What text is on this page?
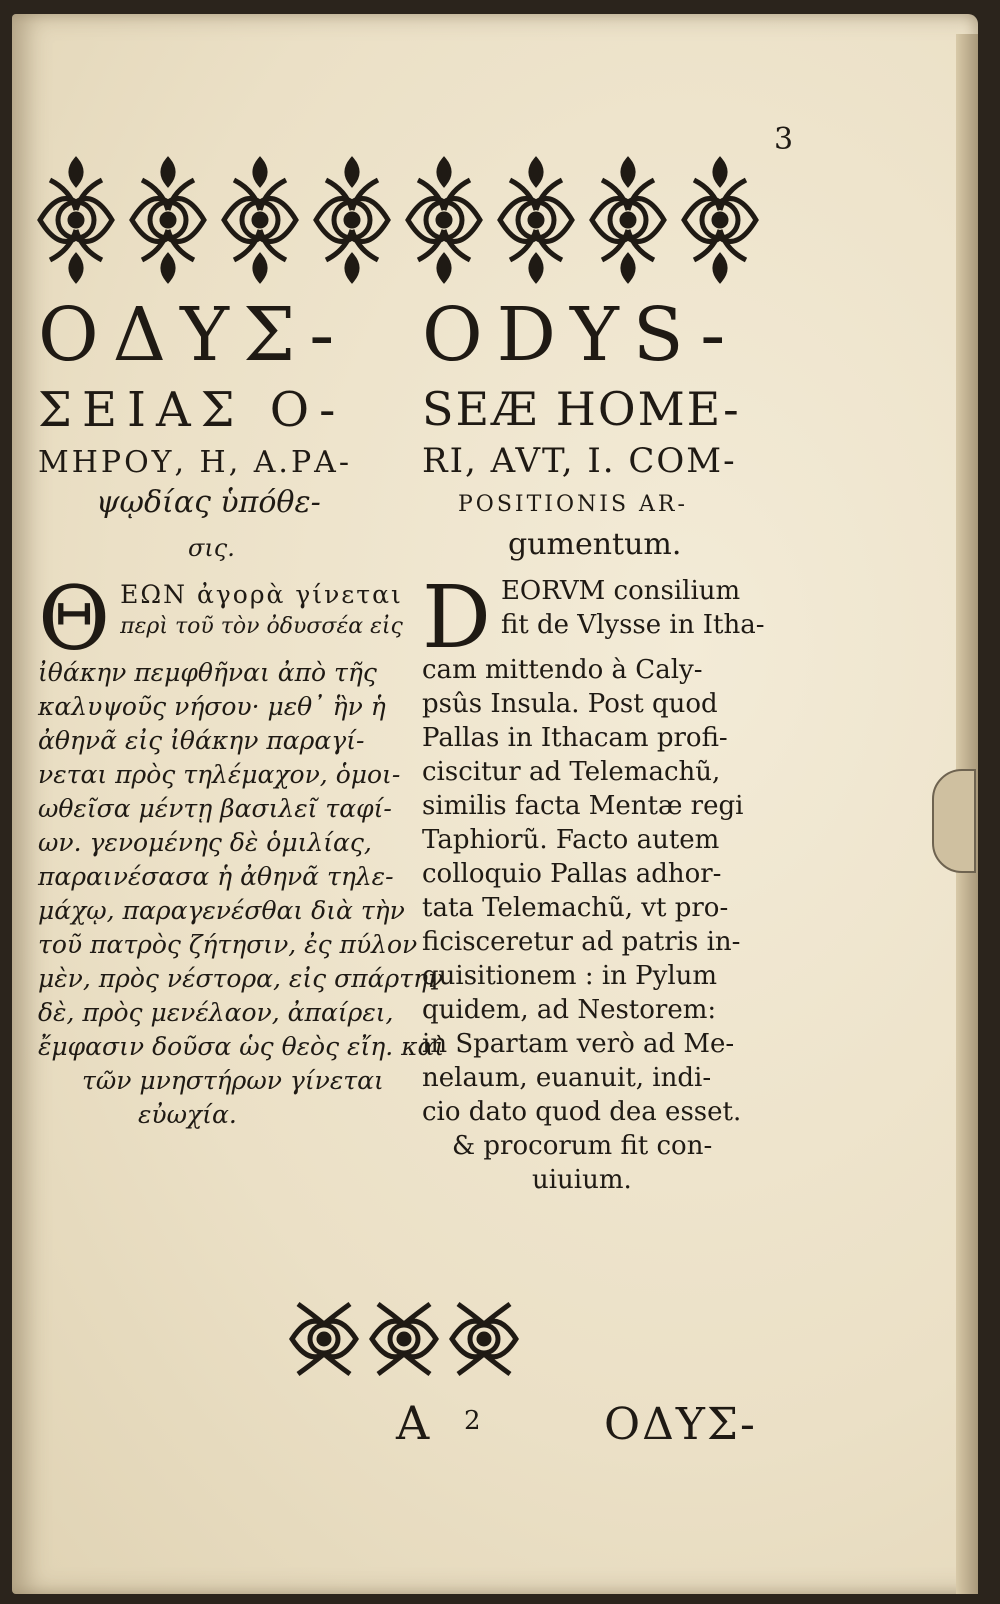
3
ΟΔΥΣ-
ΣΕΙΑΣ Ο-
ΜΗΡΟΥ, Η, Α.ΡΑ-
ψῳδίας ὑπόθε-
σις.
Θ ΕΩΝ ἀγορὰ γίνεται
περὶ τοῦ τὸν ὀδυσσέα εἰς
ἰθάκην πεμφθῆναι ἀπὸ τῆς
καλυψοῦς νήσου· μεθ᾽ ἣν ἡ
ἀθηνᾶ εἰς ἰθάκην παραγί-
νεται πρὸς τηλέμαχον, ὁμοι-
ωθεῖσα μέντῃ βασιλεῖ ταφί-
ων. γενομένης δὲ ὁμιλίας,
παραινέσασα ἡ ἀθηνᾶ τηλε-
μάχῳ, παραγενέσθαι διὰ τὴν
τοῦ πατρὸς ζήτησιν, ἐς πύλον
μὲν, πρὸς νέστορα, εἰς σπάρτην
δὲ, πρὸς μενέλαον, ἀπαίρει,
ἔμφασιν δοῦσα ὡς θεὸς εἴη. καὶ
τῶν μνηστήρων γίνεται
εὐωχία.
ODYS-
SEÆ HOME-
RI, AVT, I. COM-
POSITIONIS AR-
gumentum.
D EORVM consilium
fit de Vlysse in Itha-
cam mittendo à Caly-
psûs Insula. Post quod
Pallas in Ithacam profi-
ciscitur ad Telemachũ,
similis facta Mentæ regi
Taphiorũ. Facto autem
colloquio Pallas adhor-
tata Telemachũ, vt pro-
ficisceretur ad patris in-
quisitionem : in Pylum
quidem, ad Nestorem:
in Spartam verò ad Me-
nelaum, euanuit, indi-
cio dato quod dea esset.
& procorum fit con-
uiuium.
A 2	ΟΔΥΣ-
